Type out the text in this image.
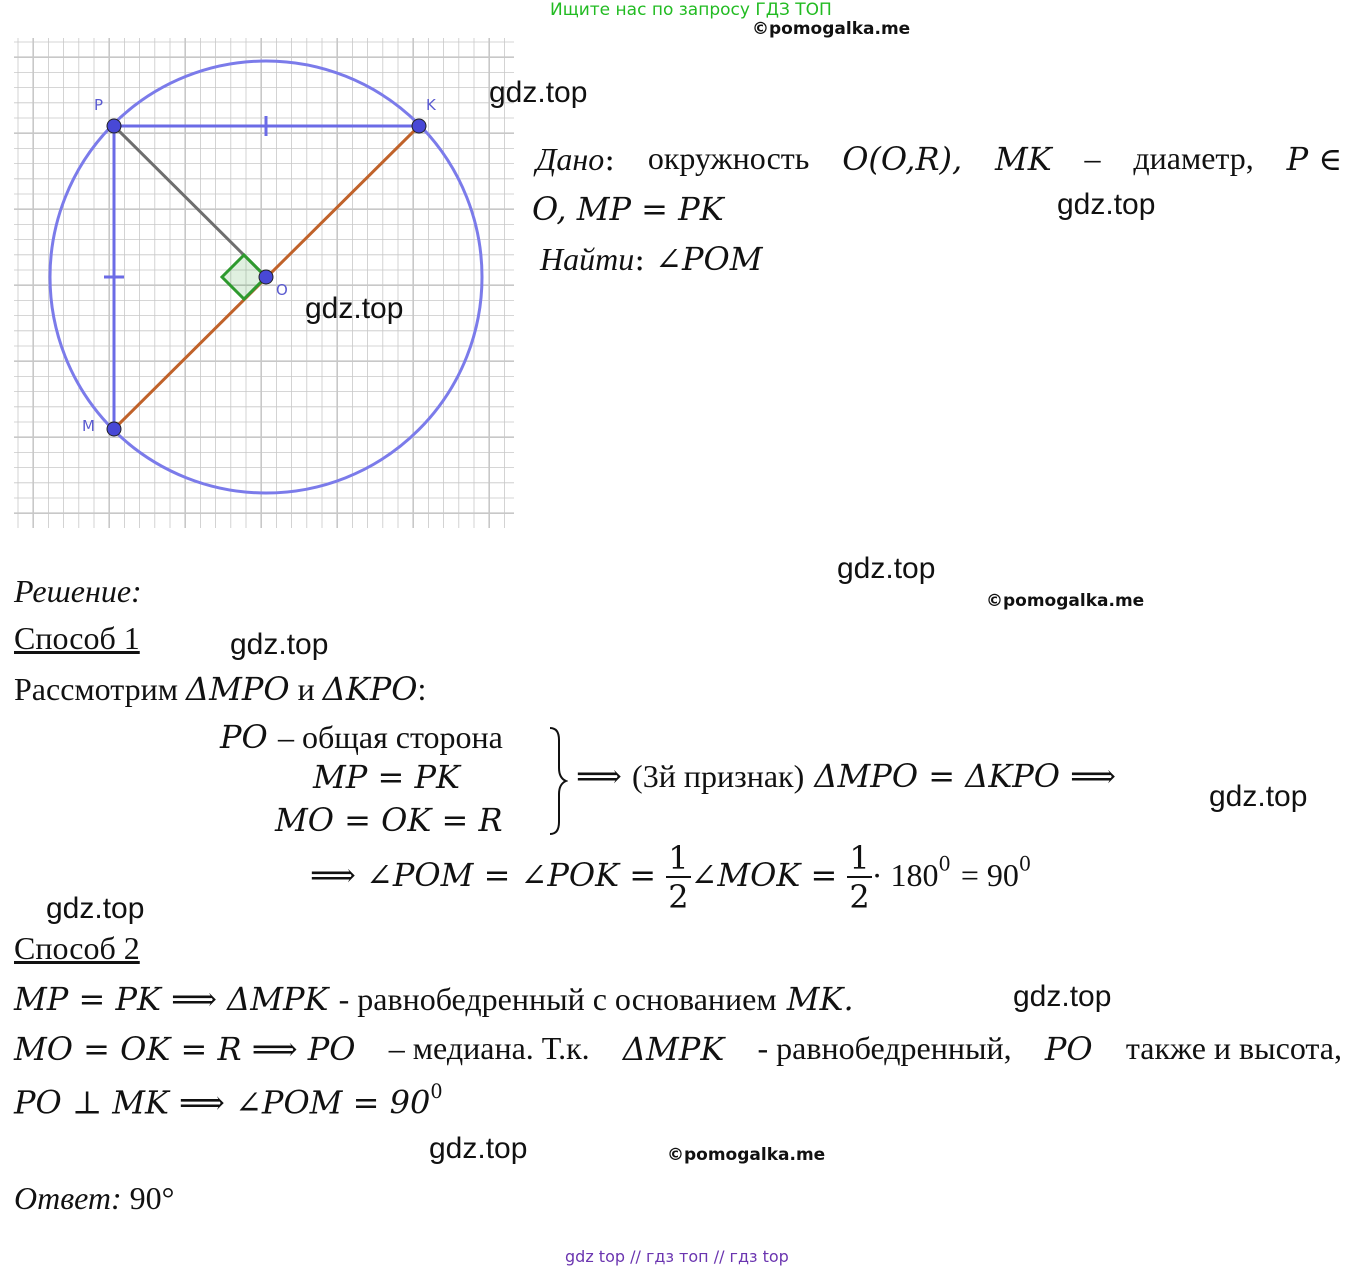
Ищите нас по запросу ГДЗ ТОП
©pomogalka.me
P	K
O
M
gdz.top
gdz.top
gdz.top
gdz.top
©pomogalka.me
gdz.top
gdz.top
gdz.top
gdz.top
gdz.top	©pomogalka.me
Дано: окружность O(O,R), MK – диаметр, P ∈
O, MP = PK
Найти: ∠POM
Решение:
Способ 1
Рассмотрим ΔMPO и ΔKPO:
PO – общая сторона
MP = PK
MO = OK = R
⟹ (3й признак) ΔMPO = ΔKPO ⟹
⟹ ∠POM = ∠POK = $\frac{1}{2}$ ∠MOK = $\frac{1}{2} \cdot 180^0 = 90^0$
Способ 2
MP = PK ⟹ ΔMPK - равнобедренный с основанием MK.
MO = OK = R ⟹ PO – медиана. Т.к. ΔMPK - равнобедренный, PO также и высота,
PO ⊥ MK ⟹ ∠POM = $90^0$
Ответ: 90°
gdz top // гдз топ // гдз top
